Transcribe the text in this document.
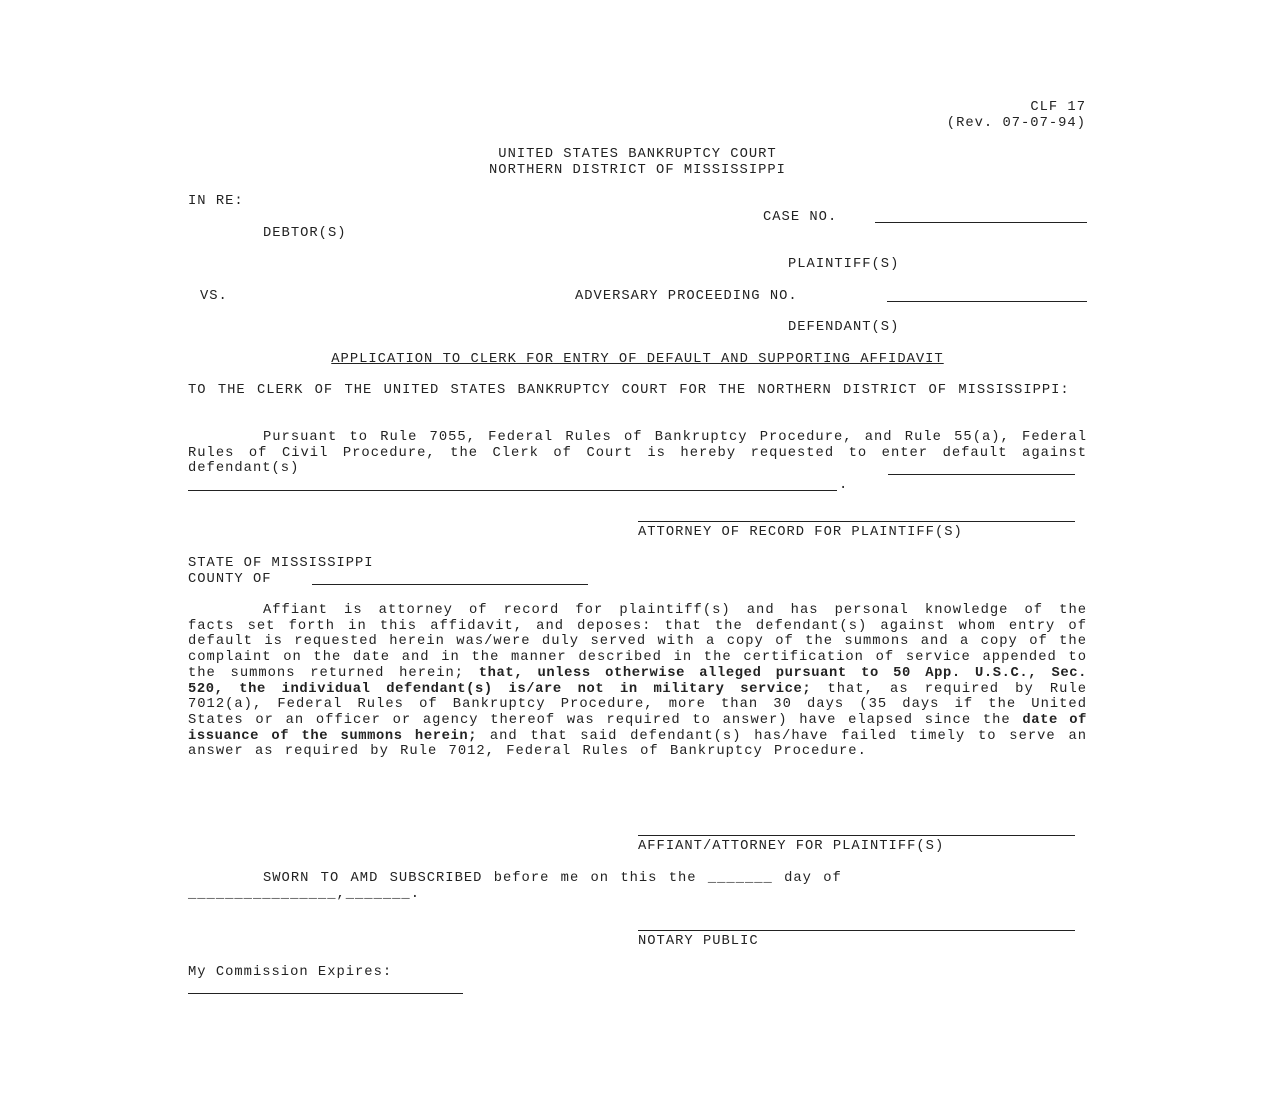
CLF 17
(Rev. 07-07-94)
UNITED STATES BANKRUPTCY COURT
NORTHERN DISTRICT OF MISSISSIPPI
IN RE:
CASE NO.
DEBTOR(S)
PLAINTIFF(S)
VS.	ADVERSARY PROCEEDING NO.
DEFENDANT(S)
APPLICATION TO CLERK FOR ENTRY OF DEFAULT AND SUPPORTING AFFIDAVIT

TO THE CLERK OF THE UNITED STATES BANKRUPTCY COURT FOR THE NORTHERN DISTRICT OF MISSISSIPPI:

Pursuant to Rule 7055, Federal Rules of Bankruptcy Procedure, and Rule 55(a), Federal Rules of Civil Procedure, the Clerk of Court is hereby requested to enter default against defendant(s)

.
ATTORNEY OF RECORD FOR PLAINTIFF(S)
STATE OF MISSISSIPPI
COUNTY OF

Affiant is attorney of record for plaintiff(s) and has personal knowledge of the facts set forth in this affidavit, and deposes: that the defendant(s) against whom entry of default is requested herein was/were duly served with a copy of the summons and a copy of the complaint on the date and in the manner described in the certification of service appended to the summons returned herein; that, unless otherwise alleged pursuant to 50 App. U.S.C., Sec. 520, the individual defendant(s) is/are not in military service; that, as required by Rule 7012(a), Federal Rules of Bankruptcy Procedure, more than 30 days (35 days if the United States or an officer or agency thereof was required to answer) have elapsed since the date of issuance of the summons herein; and that said defendant(s) has/have failed timely to serve an answer as required by Rule 7012, Federal Rules of Bankruptcy Procedure.

AFFIANT/ATTORNEY FOR PLAINTIFF(S)

SWORN TO AMD SUBSCRIBED before me on this the _______ day of

________________,_______.
NOTARY PUBLIC
My Commission Expires:
